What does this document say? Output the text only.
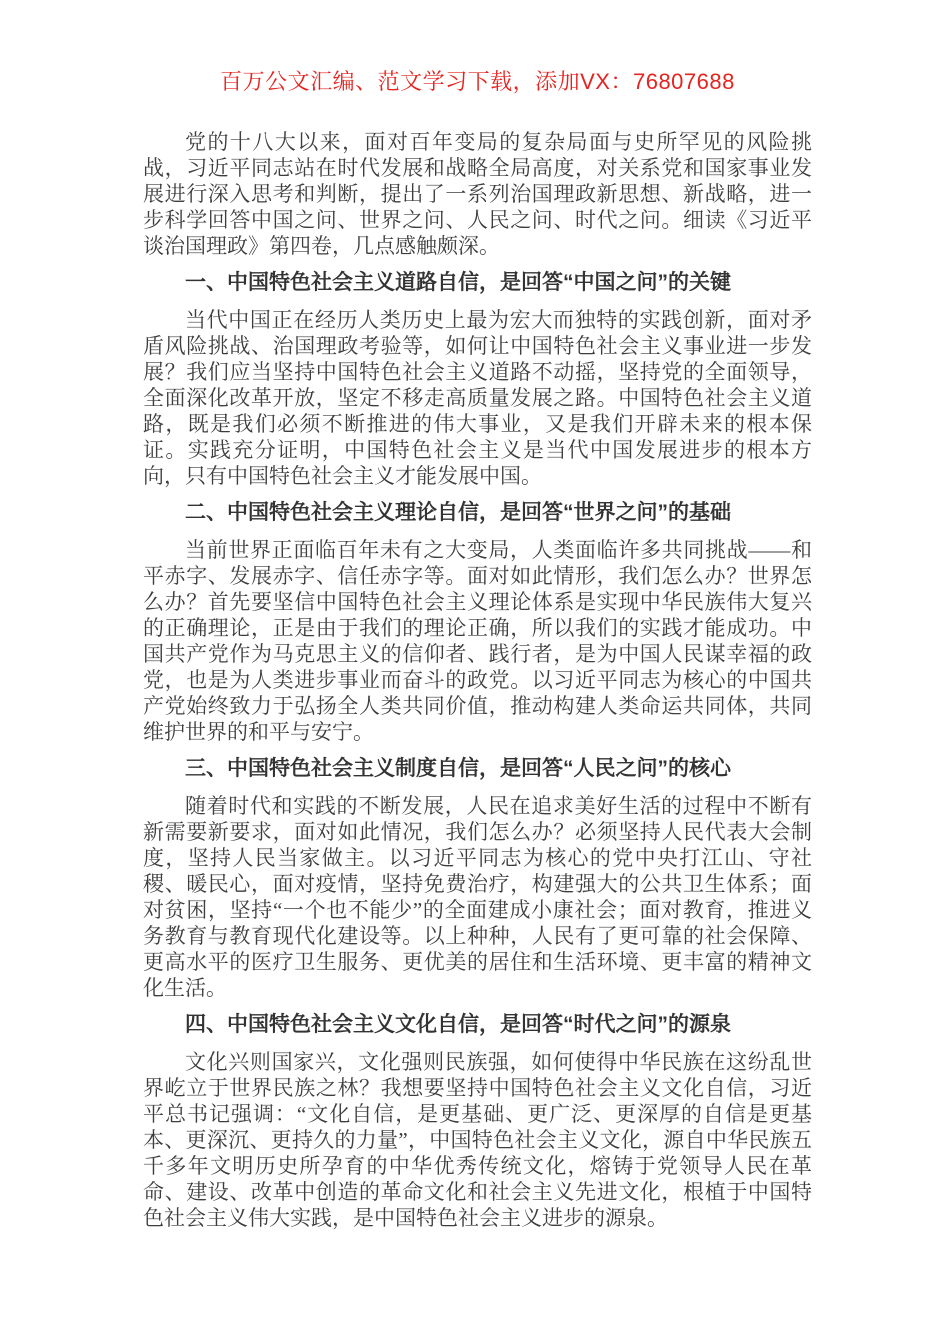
百万公文汇编、范文学习下载，添加VX：76807688

党的十八大以来，面对百年变局的复杂局面与史所罕见的风险挑战，习近平同志站在时代发展和战略全局高度，对关系党和国家事业发展进行深入思考和判断，提出了一系列治国理政新思想、新战略，进一步科学回答中国之问、世界之问、人民之问、时代之问。细读《习近平谈治国理政》第四卷，几点感触颇深。

一、中国特色社会主义道路自信，是回答“中国之问”的关键

当代中国正在经历人类历史上最为宏大而独特的实践创新，面对矛盾风险挑战、治国理政考验等，如何让中国特色社会主义事业进一步发展？我们应当坚持中国特色社会主义道路不动摇，坚持党的全面领导，全面深化改革开放，坚定不移走高质量发展之路。中国特色社会主义道路，既是我们必须不断推进的伟大事业，又是我们开辟未来的根本保证。实践充分证明，中国特色社会主义是当代中国发展进步的根本方向，只有中国特色社会主义才能发展中国。

二、中国特色社会主义理论自信，是回答“世界之问”的基础

当前世界正面临百年未有之大变局，人类面临许多共同挑战——和平赤字、发展赤字、信任赤字等。面对如此情形，我们怎么办？世界怎么办？首先要坚信中国特色社会主义理论体系是实现中华民族伟大复兴的正确理论，正是由于我们的理论正确，所以我们的实践才能成功。中国共产党作为马克思主义的信仰者、践行者，是为中国人民谋幸福的政党，也是为人类进步事业而奋斗的政党。以习近平同志为核心的中国共产党始终致力于弘扬全人类共同价值，推动构建人类命运共同体，共同维护世界的和平与安宁。

三、中国特色社会主义制度自信，是回答“人民之问”的核心

随着时代和实践的不断发展，人民在追求美好生活的过程中不断有新需要新要求，面对如此情况，我们怎么办？必须坚持人民代表大会制度，坚持人民当家做主。以习近平同志为核心的党中央打江山、守社稷、暖民心，面对疫情，坚持免费治疗，构建强大的公共卫生体系；面对贫困，坚持“一个也不能少”的全面建成小康社会；面对教育，推进义务教育与教育现代化建设等。以上种种，人民有了更可靠的社会保障、更高水平的医疗卫生服务、更优美的居住和生活环境、更丰富的精神文化生活。

四、中国特色社会主义文化自信，是回答“时代之问”的源泉

文化兴则国家兴，文化强则民族强，如何使得中华民族在这纷乱世界屹立于世界民族之林？我想要坚持中国特色社会主义文化自信，习近平总书记强调：“文化自信，是更基础、更广泛、更深厚的自信是更基本、更深沉、更持久的力量”，中国特色社会主义文化，源自中华民族五千多年文明历史所孕育的中华优秀传统文化，熔铸于党领导人民在革命、建设、改革中创造的革命文化和社会主义先进文化，根植于中国特色社会主义伟大实践，是中国特色社会主义进步的源泉。
